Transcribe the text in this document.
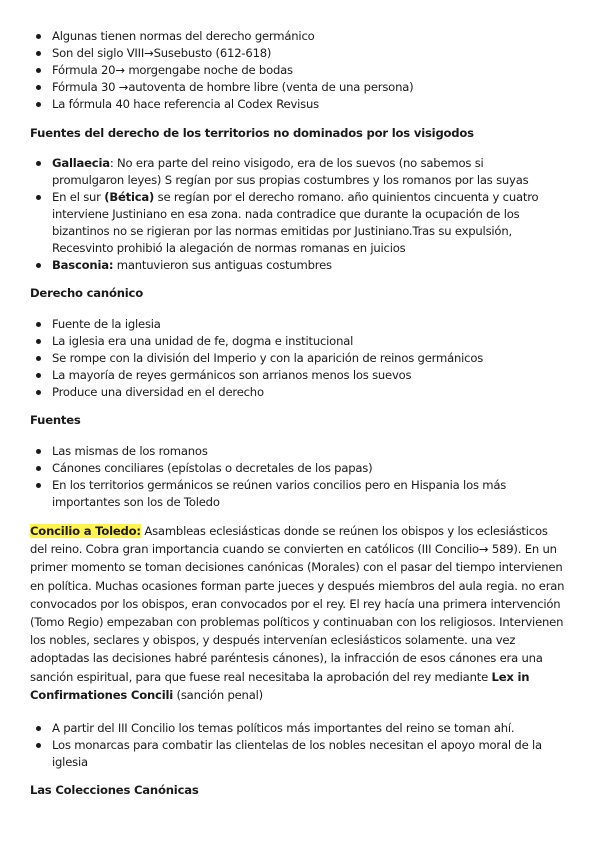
Algunas tienen normas del derecho germánico
Son del siglo VIII→Susebusto (612-618)
Fórmula 20→ morgengabe noche de bodas
Fórmula 30 →autoventa de hombre libre (venta de una persona)
La fórmula 40 hace referencia al Codex Revisus
Fuentes del derecho de los territorios no dominados por los visigodos
Gallaecia: No era parte del reino visigodo, era de los suevos (no sabemos si promulgaron leyes) S regían por sus propias costumbres y los romanos por las suyas
En el sur (Bética) se regían por el derecho romano. año quinientos cincuenta y cuatro interviene Justiniano en esa zona. nada contradice que durante la ocupación de los bizantinos no se rigieran por las normas emitidas por Justiniano.Tras su expulsión, Recesvinto prohibió la alegación de normas romanas en juicios
Basconia: mantuvieron sus antiguas costumbres
Derecho canónico
Fuente de la iglesia
La iglesia era una unidad de fe, dogma e institucional
Se rompe con la división del Imperio y con la aparición de reinos germánicos
La mayoría de reyes germánicos son arrianos menos los suevos
Produce una diversidad en el derecho
Fuentes
Las mismas de los romanos
Cánones conciliares (epístolas o decretales de los papas)
En los territorios germánicos se reúnen varios concilios pero en Hispania los más importantes son los de Toledo
Concilio a Toledo: Asambleas eclesiásticas donde se reúnen los obispos y los eclesiásticos del reino. Cobra gran importancia cuando se convierten en católicos (III Concilio→ 589). En un primer momento se toman decisiones canónicas (Morales) con el pasar del tiempo intervienen en política. Muchas ocasiones forman parte jueces y después miembros del aula regia. no eran convocados por los obispos, eran convocados por el rey. El rey hacía una primera intervención (Tomo Regio) empezaban con problemas políticos y continuaban con los religiosos. Intervienen los nobles, seclares y obispos, y después intervenían eclesiásticos solamente. una vez adoptadas las decisiones habré paréntesis cánones), la infracción de esos cánones era una sanción espiritual, para que fuese real necesitaba la aprobación del rey mediante Lex in Confirmationes Concili (sanción penal)
A partir del III Concilio los temas políticos más importantes del reino se toman ahí.
Los monarcas para combatir las clientelas de los nobles necesitan el apoyo moral de la iglesia
Las Colecciones Canónicas
